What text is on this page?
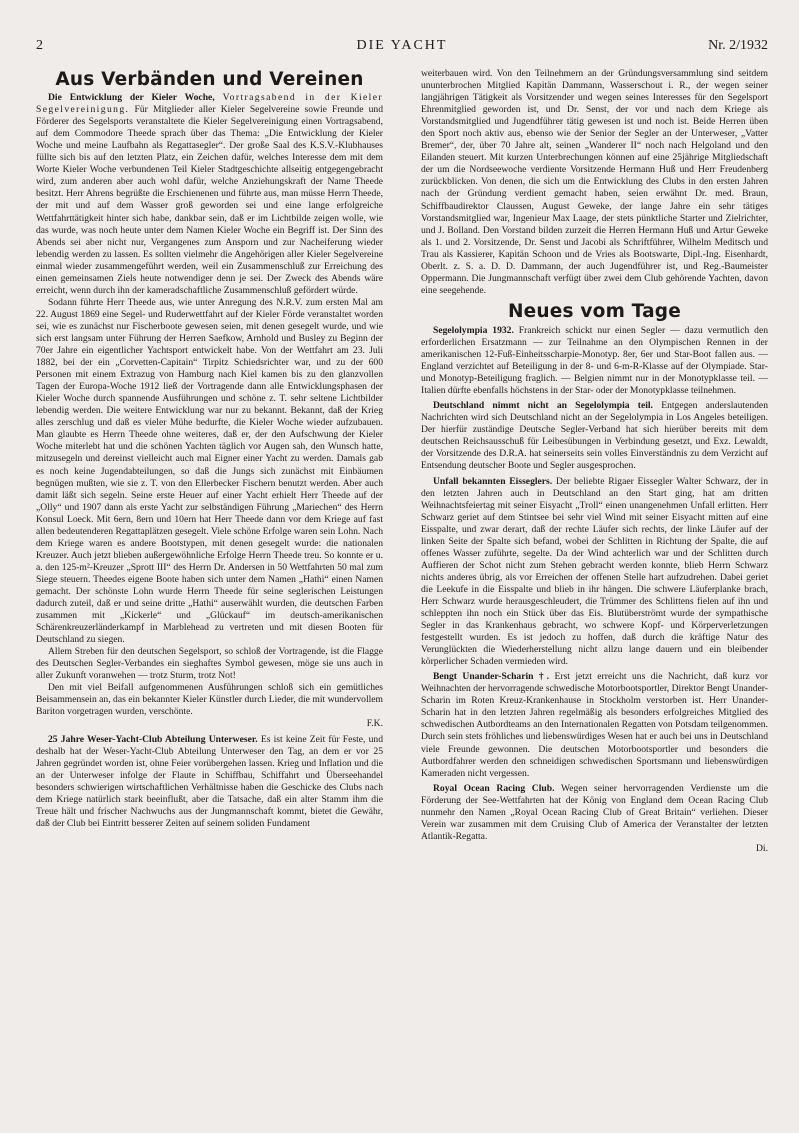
2	DIE YACHT	Nr. 2/1932
Aus Verbänden und Vereinen

Die Entwicklung der Kieler Woche, Vortragsabend in der Kieler Segelvereinigung. Für Mitglieder aller Kieler Segelvereine sowie Freunde und Förderer des Segelsports veranstaltete die Kieler Segelvereinigung einen Vortragsabend, auf dem Commodore Theede sprach über das Thema: „Die Entwicklung der Kieler Woche und meine Laufbahn als Regattasegler“. Der große Saal des K.S.V.-Klubhauses füllte sich bis auf den letzten Platz, ein Zeichen dafür, welches Interesse dem mit dem Worte Kieler Woche verbundenen Teil Kieler Stadtgeschichte allseitig entgegengebracht wird, zum anderen aber auch wohl dafür, welche Anziehungskraft der Name Theede besitzt. Herr Ahrens begrüßte die Erschienenen und führte aus, man müsse Herrn Theede, der mit und auf dem Wasser groß geworden sei und eine lange erfolgreiche Wettfahrttätigkeit hinter sich habe, dankbar sein, daß er im Lichtbilde zeigen wolle, wie das wurde, was noch heute unter dem Namen Kieler Woche ein Begriff ist. Der Sinn des Abends sei aber nicht nur, Vergangenes zum Ansporn und zur Nacheiferung wieder lebendig werden zu lassen. Es sollten vielmehr die Angehörigen aller Kieler Segelvereine einmal wieder zusammengeführt werden, weil ein Zusammenschluß zur Erreichung des einen gemeinsamen Ziels heute notwendiger denn je sei. Der Zweck des Abends wäre erreicht, wenn durch ihn der kameradschaftliche Zusammenschluß gefördert würde.

Sodann führte Herr Theede aus, wie unter Anregung des N.R.V. zum ersten Mal am 22. August 1869 eine Segel- und Ruderwettfahrt auf der Kieler Förde veranstaltet worden sei, wie es zunächst nur Fischerboote gewesen seien, mit denen gesegelt wurde, und wie sich erst langsam unter Führung der Herren Saefkow, Arnhold und Busley zu Beginn der 70er Jahre ein eigentlicher Yachtsport entwickelt habe. Von der Wettfahrt am 23. Juli 1882, bei der ein „Corvetten-Capitain“ Tirpitz Schiedsrichter war, und zu der 600 Personen mit einem Extrazug von Hamburg nach Kiel kamen bis zu den glanzvollen Tagen der Europa-Woche 1912 ließ der Vortragende dann alle Entwicklungsphasen der Kieler Woche durch spannende Ausführungen und schöne z. T. sehr seltene Lichtbilder lebendig werden. Die weitere Entwicklung war nur zu bekannt. Bekannt, daß der Krieg alles zerschlug und daß es vieler Mühe bedurfte, die Kieler Woche wieder aufzubauen. Man glaubte es Herrn Theede ohne weiteres, daß er, der den Aufschwung der Kieler Woche miterlebt hat und die schönen Yachten täglich vor Augen sah, den Wunsch hatte, mitzusegeln und dereinst vielleicht auch mal Eigner einer Yacht zu werden. Damals gab es noch keine Jugendabteilungen, so daß die Jungs sich zunächst mit Einbäumen begnügen mußten, wie sie z. T. von den Ellerbecker Fischern benutzt werden. Aber auch damit läßt sich segeln. Seine erste Heuer auf einer Yacht erhielt Herr Theede auf der „Olly“ und 1907 dann als erste Yacht zur selbständigen Führung „Mariechen“ des Herrn Konsul Loeck. Mit 6ern, 8ern und 10ern hat Herr Theede dann vor dem Kriege auf fast allen bedeutenderen Regattaplätzen gesegelt. Viele schöne Erfolge waren sein Lohn. Nach dem Kriege waren es andere Bootstypen, mit denen gesegelt wurde: die nationalen Kreuzer. Auch jetzt blieben außergewöhnliche Erfolge Herrn Theede treu. So konnte er u. a. den 125-m²-Kreuzer „Sprott III“ des Herrn Dr. Andersen in 50 Wettfahrten 50 mal zum Siege steuern. Theedes eigene Boote haben sich unter dem Namen „Hathi“ einen Namen gemacht. Der schönste Lohn wurde Herrn Theede für seine seglerischen Leistungen dadurch zuteil, daß er und seine dritte „Hathi“ auserwählt wurden, die deutschen Farben zusammen mit „Kickerle“ und „Glückauf“ im deutsch-amerikanischen Schärenkreuzerländerkampf in Marblehead zu vertreten und mit diesen Booten für Deutschland zu siegen.

Allem Streben für den deutschen Segelsport, so schloß der Vortragende, ist die Flagge des Deutschen Segler-Verbandes ein sieghaftes Symbol gewesen, möge sie uns auch in aller Zukunft voranwehen — trotz Sturm, trotz Not!

Den mit viel Beifall aufgenommenen Ausführungen schloß sich ein gemütliches Beisammensein an, das ein bekannter Kieler Künstler durch Lieder, die mit wundervollem Bariton vorgetragen wurden, verschönte.

F.K.

25 Jahre Weser-Yacht-Club Abteilung Unterweser. Es ist keine Zeit für Feste, und deshalb hat der Weser-Yacht-Club Abteilung Unterweser den Tag, an dem er vor 25 Jahren gegründet worden ist, ohne Feier vorübergehen lassen. Krieg und Inflation und die an der Unterweser infolge der Flaute in Schiffbau, Schiffahrt und Überseehandel besonders schwierigen wirtschaftlichen Verhältnisse haben die Geschicke des Clubs nach dem Kriege natürlich stark beeinflußt, aber die Tatsache, daß ein alter Stamm ihm die Treue hält und frischer Nachwuchs aus der Jungmannschaft kommt, bietet die Gewähr, daß der Club bei Eintritt besserer Zeiten auf seinem soliden Fundament

weiterbauen wird. Von den Teilnehmern an der Gründungsversammlung sind seitdem ununterbrochen Mitglied Kapitän Dammann, Wasserschout i. R., der wegen seiner langjährigen Tätigkeit als Vorsitzender und wegen seines Interesses für den Segelsport Ehrenmitglied geworden ist, und Dr. Senst, der vor und nach dem Kriege als Vorstandsmitglied und Jugendführer tätig gewesen ist und noch ist. Beide Herren üben den Sport noch aktiv aus, ebenso wie der Senior der Segler an der Unterweser, „Vatter Bremer“, der, über 70 Jahre alt, seinen „Wanderer II“ noch nach Helgoland und den Eilanden steuert. Mit kurzen Unterbrechungen können auf eine 25jährige Mitgliedschaft der um die Nordseewoche verdiente Vorsitzende Hermann Huß und Herr Freudenberg zurückblicken. Von denen, die sich um die Entwicklung des Clubs in den ersten Jahren nach der Gründung verdient gemacht haben, seien erwähnt Dr. med. Braun, Schiffbaudirektor Claussen, August Geweke, der lange Jahre ein sehr tätiges Vorstandsmitglied war, Ingenieur Max Laage, der stets pünktliche Starter und Zielrichter, und J. Bolland. Den Vorstand bilden zurzeit die Herren Hermann Huß und Artur Geweke als 1. und 2. Vorsitzende, Dr. Senst und Jacobi als Schriftführer, Wilhelm Meditsch und Trau als Kassierer, Kapitän Schoon und de Vries als Bootswarte, Dipl.-Ing. Eisenhardt, Oberlt. z. S. a. D. D. Dammann, der auch Jugendführer ist, und Reg.-Baumeister Oppermann. Die Jungmannschaft verfügt über zwei dem Club gehörende Yachten, davon eine seegehende.

Neues vom Tage

Segelolympia 1932. Frankreich schickt nur einen Segler — dazu vermutlich den erforderlichen Ersatzmann — zur Teilnahme an den Olympischen Rennen in der amerikanischen 12-Fuß-Einheitsscharpie-Monotyp. 8er, 6er und Star-Boot fallen aus. — England verzichtet auf Beteiligung in der 8- und 6-m-R-Klasse auf der Olympiade. Star- und Monotyp-Beteiligung fraglich. — Belgien nimmt nur in der Monotypklasse teil. — Italien dürfte ebenfalls höchstens in der Star- oder der Monotypklasse teilnehmen.

Deutschland nimmt nicht an Segelolympia teil. Entgegen anderslautenden Nachrichten wird sich Deutschland nicht an der Segelolympia in Los Angeles beteiligen. Der hierfür zuständige Deutsche Segler-Verband hat sich hierüber bereits mit dem deutschen Reichsausschuß für Leibesübungen in Verbindung gesetzt, und Exz. Lewaldt, der Vorsitzende des D.R.A. hat seinerseits sein volles Einverständnis zu dem Verzicht auf Entsendung deutscher Boote und Segler ausgesprochen.

Unfall bekannten Eisseglers. Der beliebte Rigaer Eissegler Walter Schwarz, der in den letzten Jahren auch in Deutschland an den Start ging, hat am dritten Weihnachtsfeiertag mit seiner Eisyacht „Troll“ einen unangenehmen Unfall erlitten. Herr Schwarz geriet auf dem Stintsee bei sehr viel Wind mit seiner Eisyacht mitten auf eine Eisspalte, und zwar derart, daß der rechte Läufer sich rechts, der linke Läufer auf der linken Seite der Spalte sich befand, wobei der Schlitten in Richtung der Spalte, die auf offenes Wasser zuführte, segelte. Da der Wind achterlich war und der Schlitten durch Auffieren der Schot nicht zum Stehen gebracht werden konnte, blieb Herrn Schwarz nichts anderes übrig, als vor Erreichen der offenen Stelle hart aufzudrehen. Dabei geriet die Leekufe in die Eisspalte und blieb in ihr hängen. Die schwere Läuferplanke brach, Herr Schwarz wurde herausgeschleudert, die Trümmer des Schlittens fielen auf ihn und schleppten ihn noch ein Stück über das Eis. Blutüberströmt wurde der sympathische Segler in das Krankenhaus gebracht, wo schwere Kopf- und Körperverletzungen festgestellt wurden. Es ist jedoch zu hoffen, daß durch die kräftige Natur des Verunglückten die Wiederherstellung nicht allzu lange dauern und ein bleibender körperlicher Schaden vermieden wird.

Bengt Unander-Scharin †. Erst jetzt erreicht uns die Nachricht, daß kurz vor Weihnachten der hervorragende schwedische Motorbootsportler, Direktor Bengt Unander-Scharin im Roten Kreuz-Krankenhause in Stockholm verstorben ist. Herr Unander-Scharin hat in den letzten Jahren regelmäßig als besonders erfolgreiches Mitglied des schwedischen Autbordteams an den Internationalen Regatten von Potsdam teilgenommen. Durch sein stets fröhliches und liebenswürdiges Wesen hat er auch bei uns in Deutschland viele Freunde gewonnen. Die deutschen Motorbootsportler und besonders die Autbordfahrer werden den schneidigen schwedischen Sportsmann und liebenswürdigen Kameraden nicht vergessen.

Royal Ocean Racing Club. Wegen seiner hervorragenden Verdienste um die Förderung der See-Wettfahrten hat der König von England dem Ocean Racing Club nunmehr den Namen „Royal Ocean Racing Club of Great Britain“ verliehen. Dieser Verein war zusammen mit dem Cruising Club of America der Veranstalter der letzten Atlantik-Regatta.

Di.
